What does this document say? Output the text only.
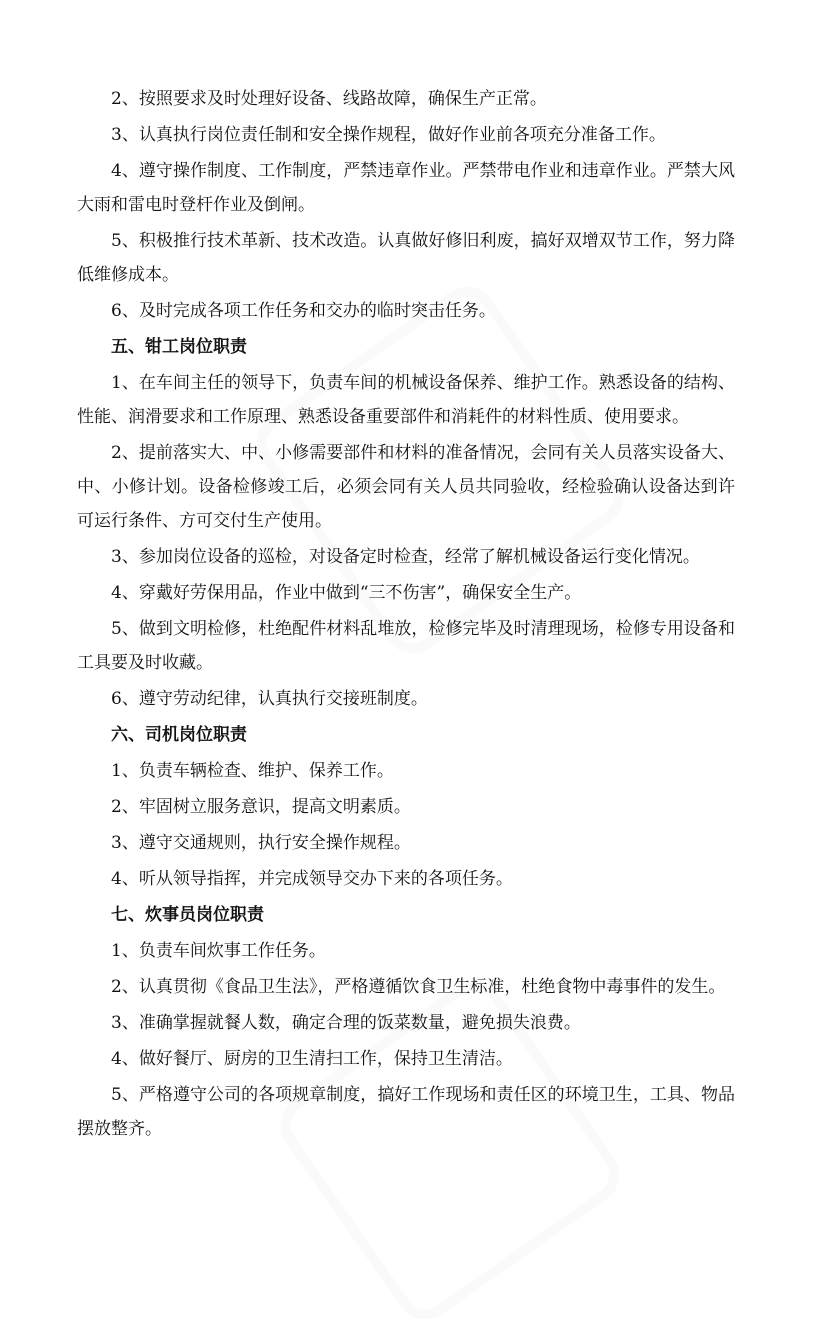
2、按照要求及时处理好设备、线路故障，确保生产正常。

3、认真执行岗位责任制和安全操作规程，做好作业前各项充分准备工作。

4、遵守操作制度、工作制度，严禁违章作业。严禁带电作业和违章作业。严禁大风大雨和雷电时登杆作业及倒闸。

5、积极推行技术革新、技术改造。认真做好修旧利废，搞好双增双节工作，努力降低维修成本。

6、及时完成各项工作任务和交办的临时突击任务。

五、钳工岗位职责

1、在车间主任的领导下，负责车间的机械设备保养、维护工作。熟悉设备的结构、性能、润滑要求和工作原理、熟悉设备重要部件和消耗件的材料性质、使用要求。

2、提前落实大、中、小修需要部件和材料的准备情况，会同有关人员落实设备大、中、小修计划。设备检修竣工后，必须会同有关人员共同验收，经检验确认设备达到许可运行条件、方可交付生产使用。

3、参加岗位设备的巡检，对设备定时检查，经常了解机械设备运行变化情况。

4、穿戴好劳保用品，作业中做到“三不伤害”，确保安全生产。

5、做到文明检修，杜绝配件材料乱堆放，检修完毕及时清理现场，检修专用设备和工具要及时收藏。

6、遵守劳动纪律，认真执行交接班制度。

六、司机岗位职责

1、负责车辆检查、维护、保养工作。

2、牢固树立服务意识，提高文明素质。

3、遵守交通规则，执行安全操作规程。

4、听从领导指挥，并完成领导交办下来的各项任务。

七、炊事员岗位职责

1、负责车间炊事工作任务。

2、认真贯彻《食品卫生法》，严格遵循饮食卫生标准，杜绝食物中毒事件的发生。

3、准确掌握就餐人数，确定合理的饭菜数量，避免损失浪费。

4、做好餐厅、厨房的卫生清扫工作，保持卫生清洁。

5、严格遵守公司的各项规章制度，搞好工作现场和责任区的环境卫生，工具、物品摆放整齐。
